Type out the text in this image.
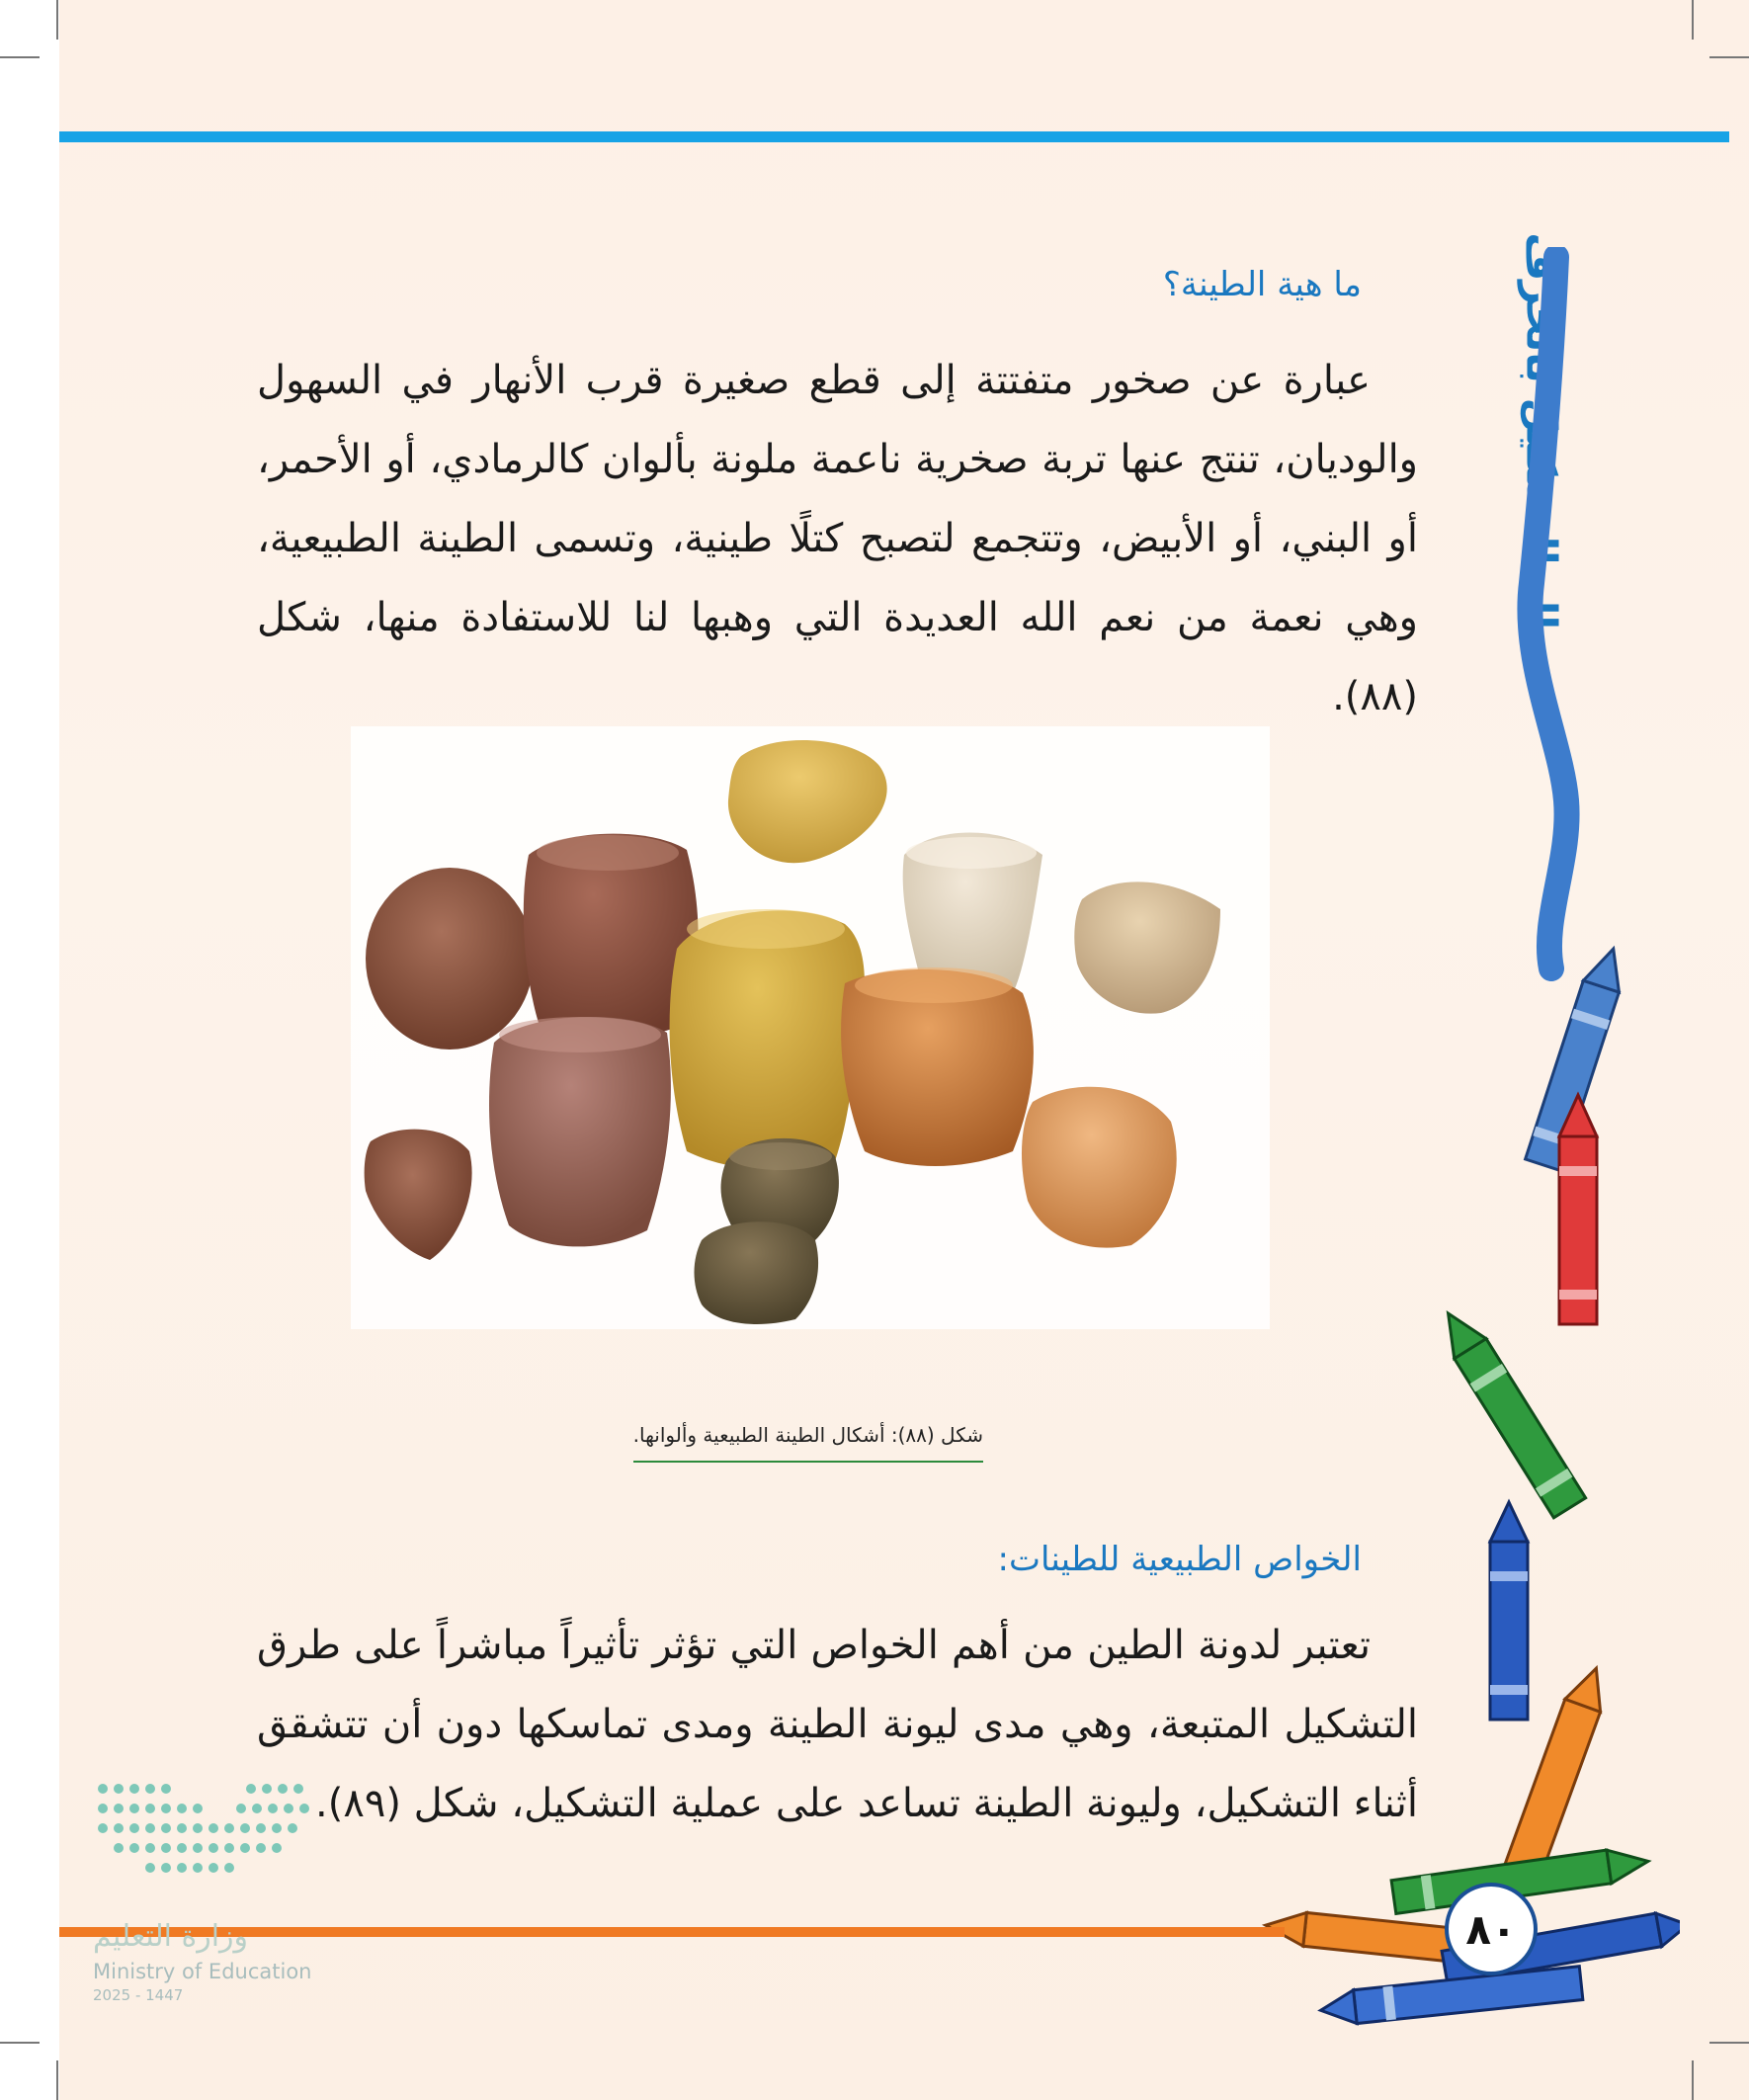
ما هية الطينة؟

عبارة عن صخور متفتتة إلى قطع صغيرة قرب الأنهار في السهول والوديان، تنتج عنها تربة صخرية ناعمة ملونة بألوان كالرمادي، أو الأحمر، أو البني، أو الأبيض، وتتجمع لتصبح كتلًا طينية، وتسمى الطينة الطبيعية، وهي نعمة من نعم الله العديدة التي وهبها لنا للاستفادة منها، شكل (٨٨).

شكل (٨٨): أشكال الطينة الطبيعية وألوانها.
الخواص الطبيعية للطينات:

تعتبر لدونة الطين من أهم الخواص التي تؤثر تأثيراً مباشراً على طرق التشكيل المتبعة، وهي مدى ليونة الطينة ومدى تماسكها دون أن تتشقق أثناء التشكيل، وليونة الطينة تساعد على عملية التشكيل، شكل (٨٩).

مجال التشكيل بالخزف
٨٠
وزارة التعليم
Ministry of Education
2025 - 1447
